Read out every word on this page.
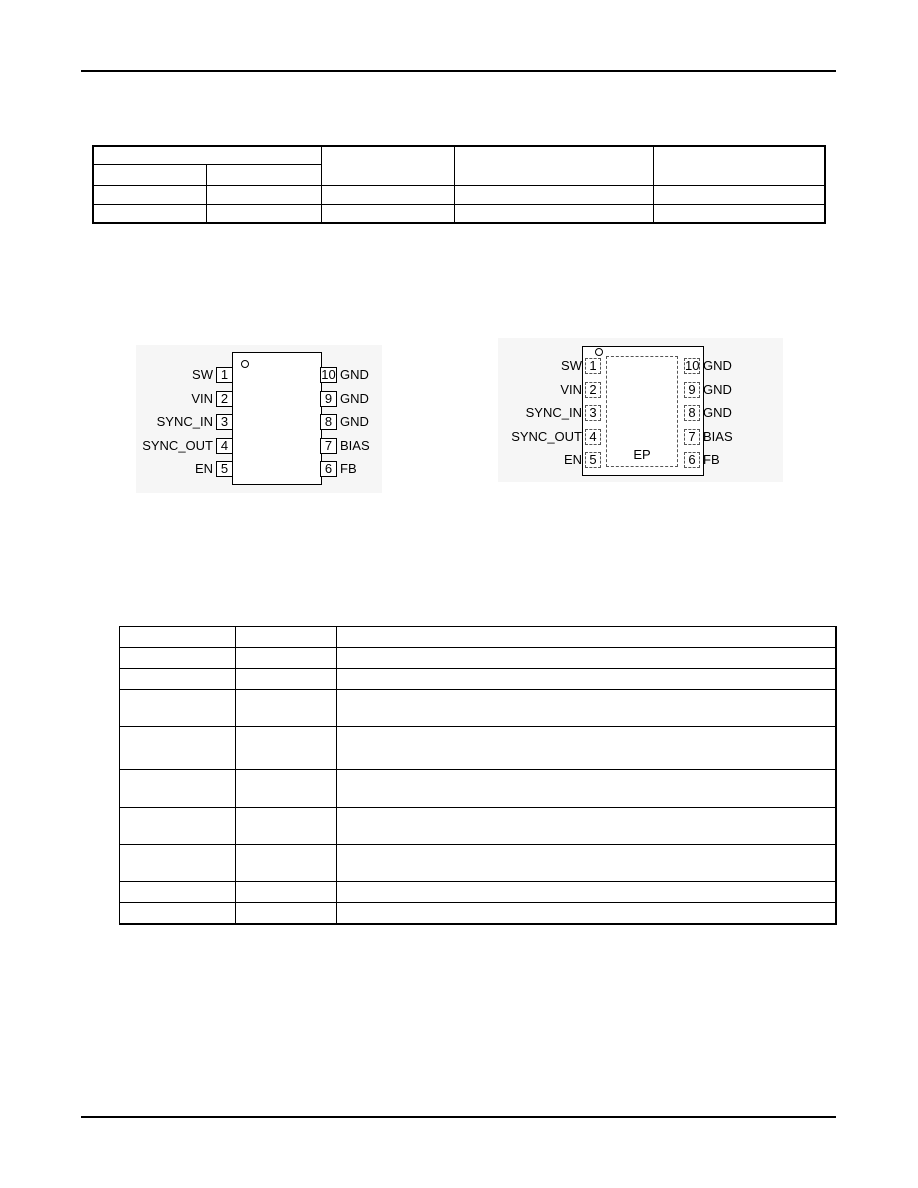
1
SW
2
VIN
3
SYNC_IN
4
SYNC_OUT
5
EN
10 GND
9 GND
8 GND
7 BIAS
6 FB
EP
1
SW
2
VIN
3
SYNC_IN
4
SYNC_OUT
5
EN
10 GND
9 GND
8 GND
7 BIAS
6 FB
